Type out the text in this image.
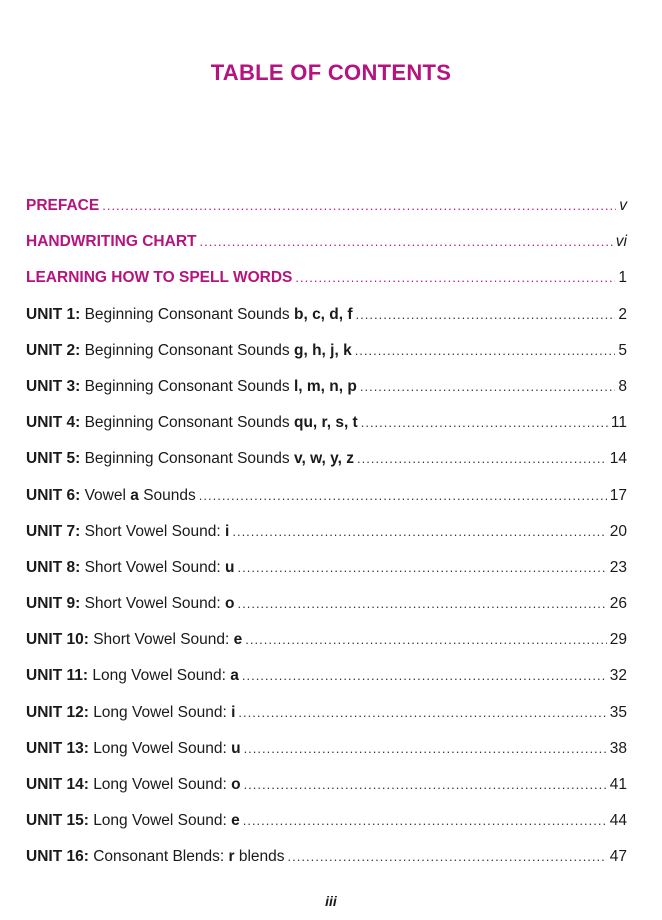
TABLE OF CONTENTS
PREFACE .....	v
HANDWRITING CHART .....	vi
LEARNING HOW TO SPELL WORDS .....	1
UNIT 1: Beginning Consonant Sounds b, c, d, f .....	2
UNIT 2: Beginning Consonant Sounds g, h, j, k .....	5
UNIT 3: Beginning Consonant Sounds l, m, n, p .....	8
UNIT 4: Beginning Consonant Sounds qu, r, s, t .....	11
UNIT 5: Beginning Consonant Sounds v, w, y, z .....	14
UNIT 6: Vowel a Sounds .....	17
UNIT 7: Short Vowel Sound: i .....	20
UNIT 8: Short Vowel Sound: u .....	23
UNIT 9: Short Vowel Sound: o .....	26
UNIT 10: Short Vowel Sound: e .....	29
UNIT 11: Long Vowel Sound: a .....	32
UNIT 12: Long Vowel Sound: i .....	35
UNIT 13: Long Vowel Sound: u .....	38
UNIT 14: Long Vowel Sound: o .....	41
UNIT 15: Long Vowel Sound: e .....	44
UNIT 16: Consonant Blends: r blends .....	47
iii
